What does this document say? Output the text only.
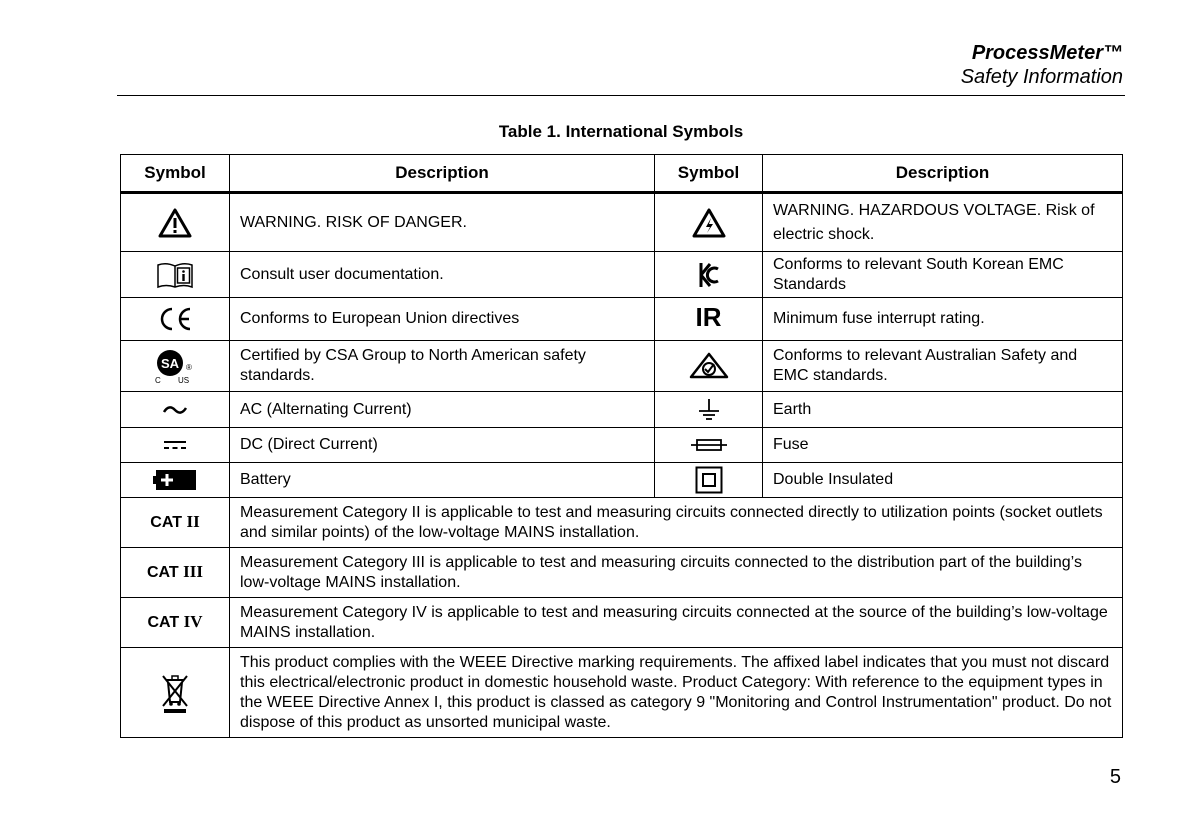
ProcessMeter™
Safety Information
Table 1. International Symbols
Symbol	Description	Symbol	Description

	WARNING. RISK OF DANGER.		WARNING. HAZARDOUS VOLTAGE. Risk of electric shock.

	Consult user documentation.		Conforms to relevant South Korean EMC Standards

	Conforms to European Union directives	IR	Minimum fuse interrupt rating.

SA
C US
®	Certified by CSA Group to North American safety standards.		Conforms to relevant Australian Safety and EMC standards.

	AC (Alternating Current)		Earth

	DC (Direct Current)		Fuse

	Battery		Double Insulated
CAT II	Measurement Category II is applicable to test and measuring circuits connected directly to utilization points (socket outlets and similar points) of the low-voltage MAINS installation.		
CAT III	Measurement Category III is applicable to test and measuring circuits connected to the distribution part of the building’s low-voltage MAINS installation.		
CAT IV	Measurement Category IV is applicable to test and measuring circuits connected at the source of the building’s low-voltage MAINS installation.		

	This product complies with the WEEE Directive marking requirements. The affixed label indicates that you must not discard this electrical/electronic product in domestic household waste. Product Category: With reference to the equipment types in the WEEE Directive Annex I, this product is classed as category 9 "Monitoring and Control Instrumentation" product. Do not dispose of this product as unsorted municipal waste.		
5
